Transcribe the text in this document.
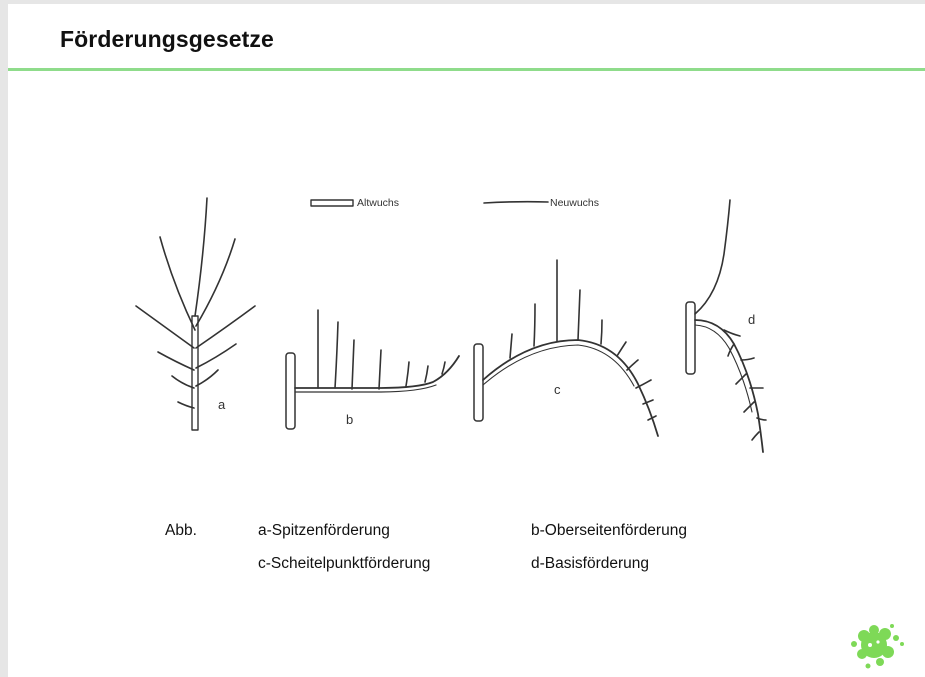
Förderungsgesetze
Altwuchs	Neuwuchs
a
b
c
d
Abb.	a-Spitzenförderung	b-Oberseitenförderung
c-Scheitelpunktförderung	d-Basisförderung
